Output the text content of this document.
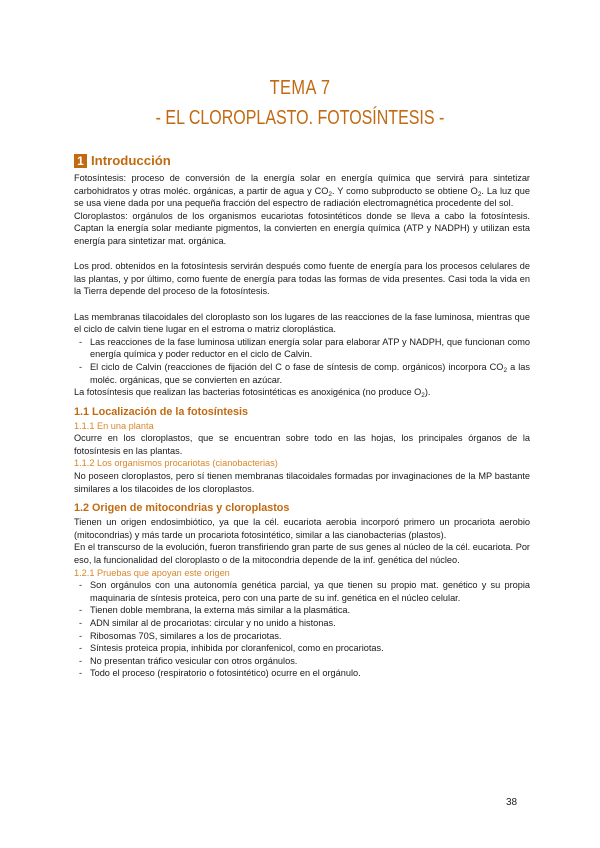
TEMA 7
- EL CLOROPLASTO. FOTOSÍNTESIS -
1 Introducción

Fotosíntesis: proceso de conversión de la energía solar en energía química que servirá para sintetizar carbohidratos y otras moléc. orgánicas, a partir de agua y $CO_2$. Y como subproducto se obtiene $O_2$. La luz que se usa viene dada por una pequeña fracción del espectro de radiación electromagnética procedente del sol.

Cloroplastos: orgánulos de los organismos eucariotas fotosintéticos donde se lleva a cabo la fotosíntesis. Captan la energía solar mediante pigmentos, la convierten en energía química (ATP y NADPH) y utilizan esta energía para sintetizar mat. orgánica.

Los prod. obtenidos en la fotosíntesis servirán después como fuente de energía para los procesos celulares de las plantas, y por último, como fuente de energía para todas las formas de vida presentes. Casi toda la vida en la Tierra depende del proceso de la fotosíntesis.

Las membranas tilacoidales del cloroplasto son los lugares de las reacciones de la fase luminosa, mientras que el ciclo de calvin tiene lugar en el estroma o matriz cloroplástica.

- Las reacciones de la fase luminosa utilizan energía solar para elaborar ATP y NADPH, que funcionan como energía química y poder reductor en el ciclo de Calvin.
- El ciclo de Calvin (reacciones de fijación del C o fase de síntesis de comp. orgánicos) incorpora $CO_2$ a las moléc. orgánicas, que se convierten en azúcar.

La fotosíntesis que realizan las bacterias fotosintéticas es anoxigénica (no produce $O_2$).

1.1 Localización de la fotosíntesis
1.1.1 En una planta

Ocurre en los cloroplastos, que se encuentran sobre todo en las hojas, los principales órganos de la fotosíntesis en las plantas.

1.1.2 Los organismos procariotas (cianobacterias)

No poseen cloroplastos, pero sí tienen membranas tilacoidales formadas por invaginaciones de la MP bastante similares a los tilacoides de los cloroplastos.

1.2 Origen de mitocondrias y cloroplastos

Tienen un origen endosimbiótico, ya que la cél. eucariota aerobia incorporó primero un procariota aerobio (mitocondrias) y más tarde un procariota fotosintético, similar a las cianobacterias (plastos).

En el transcurso de la evolución, fueron transfiriendo gran parte de sus genes al núcleo de la cél. eucariota. Por eso, la funcionalidad del cloroplasto o de la mitocondria depende de la inf. genética del núcleo.

1.2.1 Pruebas que apoyan este origen
- Son orgánulos con una autonomía genética parcial, ya que tienen su propio mat. genético y su propia maquinaria de síntesis proteica, pero con una parte de su inf. genética en el núcleo celular.
- Tienen doble membrana, la externa más similar a la plasmática.
- ADN similar al de procariotas: circular y no unido a histonas.
- Ribosomas 70S, similares a los de procariotas.
- Síntesis proteica propia, inhibida por cloranfenicol, como en procariotas.
- No presentan tráfico vesicular con otros orgánulos.
- Todo el proceso (respiratorio o fotosintético) ocurre en el orgánulo.
38
